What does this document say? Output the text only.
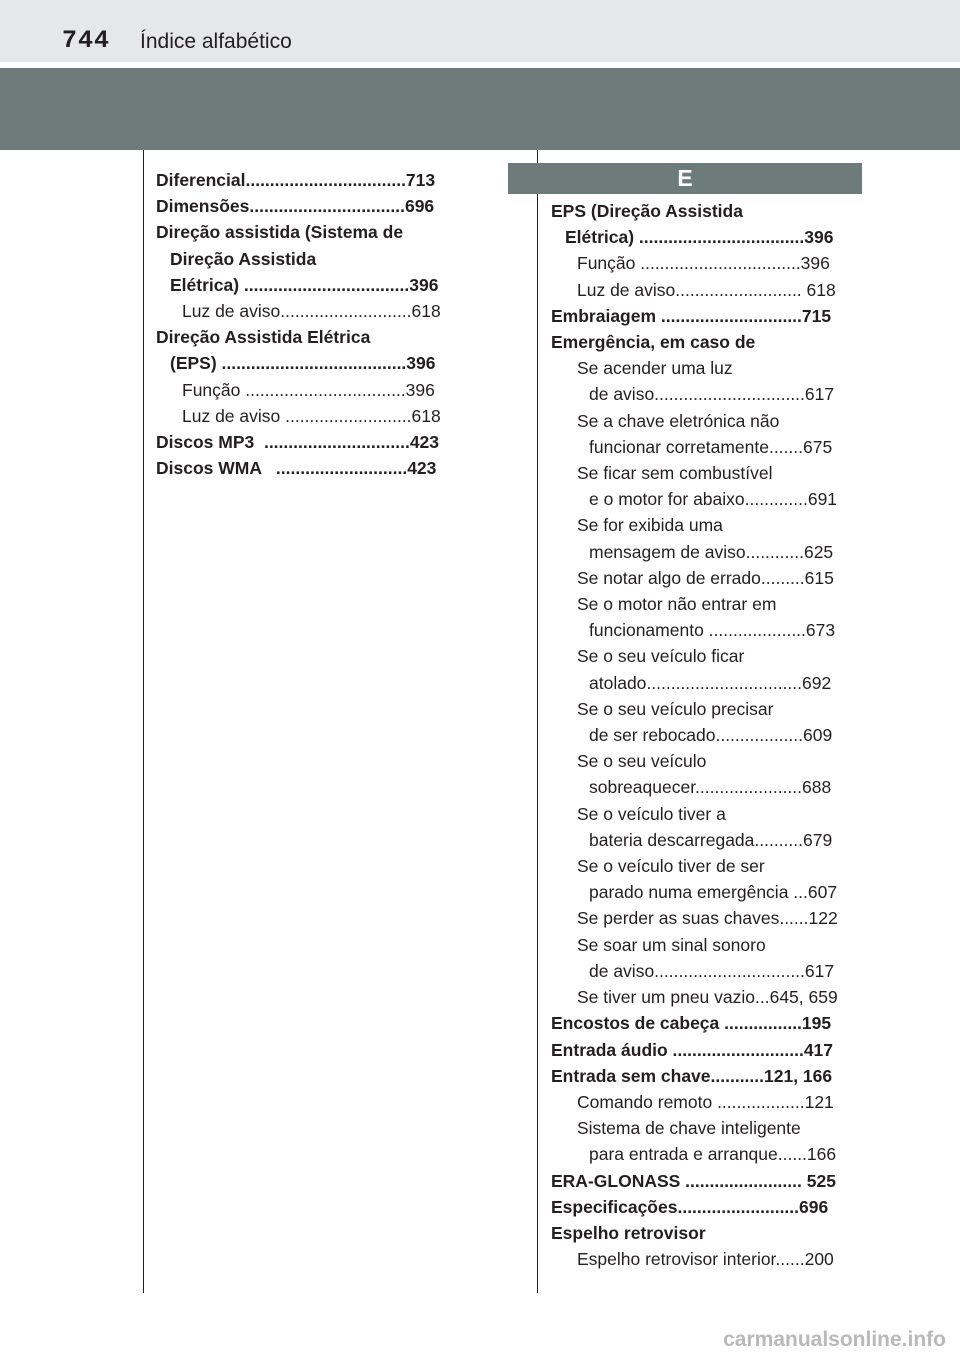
744 Índice alfabético
Diferencial.................................713
Dimensões................................696
Direção assistida (Sistema de
Direção Assistida
Elétrica) ..................................396
Luz de aviso...........................618
Direção Assistida Elétrica
(EPS) ......................................396
Função .................................396
Luz de aviso ..........................618
Discos MP3  ..............................423
Discos WMA   ...........................423
E
EPS (Direção Assistida
Elétrica) ..................................396
Função .................................396
Luz de aviso.......................... 618
Embraiagem .............................715
Emergência, em caso de
Se acender uma luz
de aviso...............................617
Se a chave eletrónica não
funcionar corretamente.......675
Se ficar sem combustível
e o motor for abaixo.............691
Se for exibida uma
mensagem de aviso............625
Se notar algo de errado.........615
Se o motor não entrar em
funcionamento ....................673
Se o seu veículo ficar
atolado................................692
Se o seu veículo precisar
de ser rebocado..................609
Se o seu veículo
sobreaquecer......................688
Se o veículo tiver a
bateria descarregada..........679
Se o veículo tiver de ser
parado numa emergência ...607
Se perder as suas chaves......122
Se soar um sinal sonoro
de aviso...............................617
Se tiver um pneu vazio...645, 659
Encostos de cabeça ................195
Entrada áudio ...........................417
Entrada sem chave...........121, 166
Comando remoto ..................121
Sistema de chave inteligente
para entrada e arranque......166
ERA-GLONASS ........................ 525
Especificações.........................696
Espelho retrovisor
Espelho retrovisor interior......200
carmanualsonline.info
